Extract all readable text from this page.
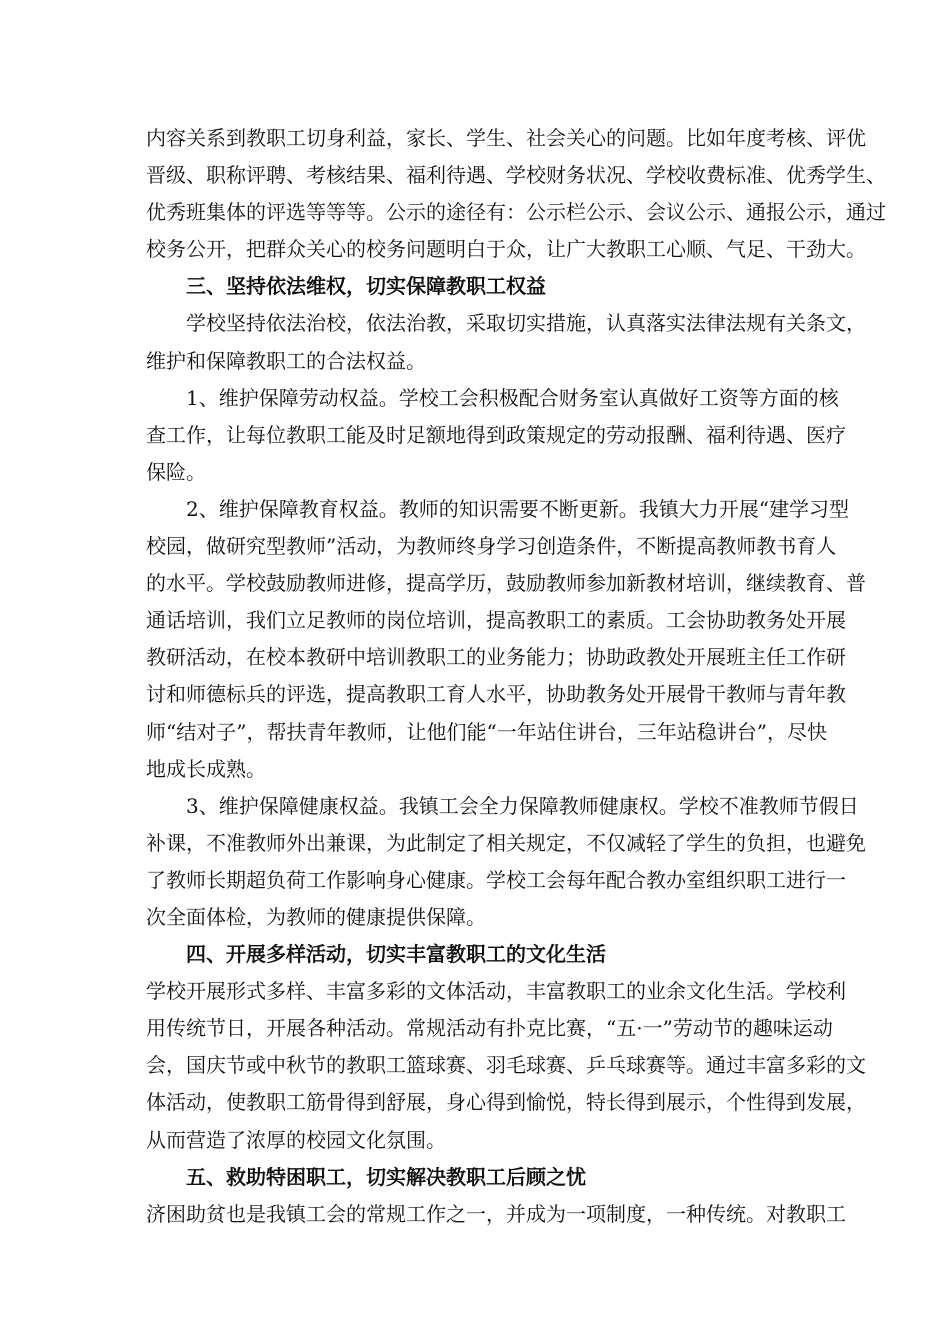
内 容 关 系 到 教 职 工 切 身 利 益 ， 家 长 、 学 生 、 社 会 关 心 的 问 题 。 比 如 年 度 考 核 、 评 优
晋 级 、 职 称 评 聘 、 考 核 结 果 、 福 利 待 遇 、 学 校 财 务 状 况 、 学 校 收 费 标 准 、 优 秀 学 生 、
优 秀 班 集 体 的 评 选 等 等 等 。 公 示 的 途 径 有 ： 公 示 栏 公 示 、 会 议 公 示 、 通 报 公 示 ， 通 过
校务公开，把群众关心的校务问题明白于众，让广大教职工心顺、气足、干劲大。
三、坚持依法维权，切实保障教职工权益
学 校 坚 持 依 法 治 校 ， 依 法 治 教 ， 采 取 切 实 措 施 ， 认 真 落 实 法 律 法 规 有 关 条 文 ，
维护和保障教职工的合法权益。
1 、 维 护 保 障 劳 动 权 益 。 学 校 工 会 积 极 配 合 财 务 室 认 真 做 好 工 资 等 方 面 的 核
查 工 作 ， 让 每 位 教 职 工 能 及 时 足 额 地 得 到 政 策 规 定 的 劳 动 报 酬 、 福 利 待 遇 、 医 疗
保险。
2 、 维 护 保 障 教 育 权 益 。 教 师 的 知 识 需 要 不 断 更 新 。 我 镇 大 力 开 展 “ 建 学 习 型
校 园 ， 做 研 究 型 教 师 ” 活 动 ， 为 教 师 终 身 学 习 创 造 条 件 ， 不 断 提 高 教 师 教 书 育 人
的 水 平 。 学 校 鼓 励 教 师 进 修 ， 提 高 学 历 ， 鼓 励 教 师 参 加 新 教 材 培 训 ， 继 续 教 育 、 普
通 话 培 训 ， 我 们 立 足 教 师 的 岗 位 培 训 ， 提 高 教 职 工 的 素 质 。 工 会 协 助 教 务 处 开 展
教 研 活 动 ， 在 校 本 教 研 中 培 训 教 职 工 的 业 务 能 力 ； 协 助 政 教 处 开 展 班 主 任 工 作 研
讨 和 师 德 标 兵 的 评 选 ， 提 高 教 职 工 育 人 水 平 ， 协 助 教 务 处 开 展 骨 干 教 师 与 青 年 教
师 “ 结 对 子 ” ， 帮 扶 青 年 教 师 ， 让 他 们 能 “ 一 年 站 住 讲 台 ， 三 年 站 稳 讲 台 ” ， 尽 快
地成长成熟。
3 、 维 护 保 障 健 康 权 益 。 我 镇 工 会 全 力 保 障 教 师 健 康 权 。 学 校 不 准 教 师 节 假 日
补 课 ， 不 准 教 师 外 出 兼 课 ， 为 此 制 定 了 相 关 规 定 ， 不 仅 减 轻 了 学 生 的 负 担 ， 也 避 免
了 教 师 长 期 超 负 荷 工 作 影 响 身 心 健 康 。 学 校 工 会 每 年 配 合 教 办 室 组 织 职 工 进 行 一
次全面体检，为教师的健康提供保障。
四、开展多样活动，切实丰富教职工的文化生活
学 校 开 展 形 式 多 样 、 丰 富 多 彩 的 文 体 活 动 ， 丰 富 教 职 工 的 业 余 文 化 生 活 。 学 校 利
用 传 统 节 日 ， 开 展 各 种 活 动 。 常 规 活 动 有 扑 克 比 赛 ， “ 五 · 一 ” 劳 动 节 的 趣 味 运 动
会 ， 国 庆 节 或 中 秋 节 的 教 职 工 篮 球 赛 、 羽 毛 球 赛 、 乒 乓 球 赛 等 。 通 过 丰 富 多 彩 的 文
体 活 动 ， 使 教 职 工 筋 骨 得 到 舒 展 ， 身 心 得 到 愉 悦 ， 特 长 得 到 展 示 ， 个 性 得 到 发 展 ，
从而营造了浓厚的校园文化氛围。
五、救助特困职工，切实解决教职工后顾之忧
济 困 助 贫 也 是 我 镇 工 会 的 常 规 工 作 之 一 ， 并 成 为 一 项 制 度 ， 一 种 传 统 。 对 教 职 工
